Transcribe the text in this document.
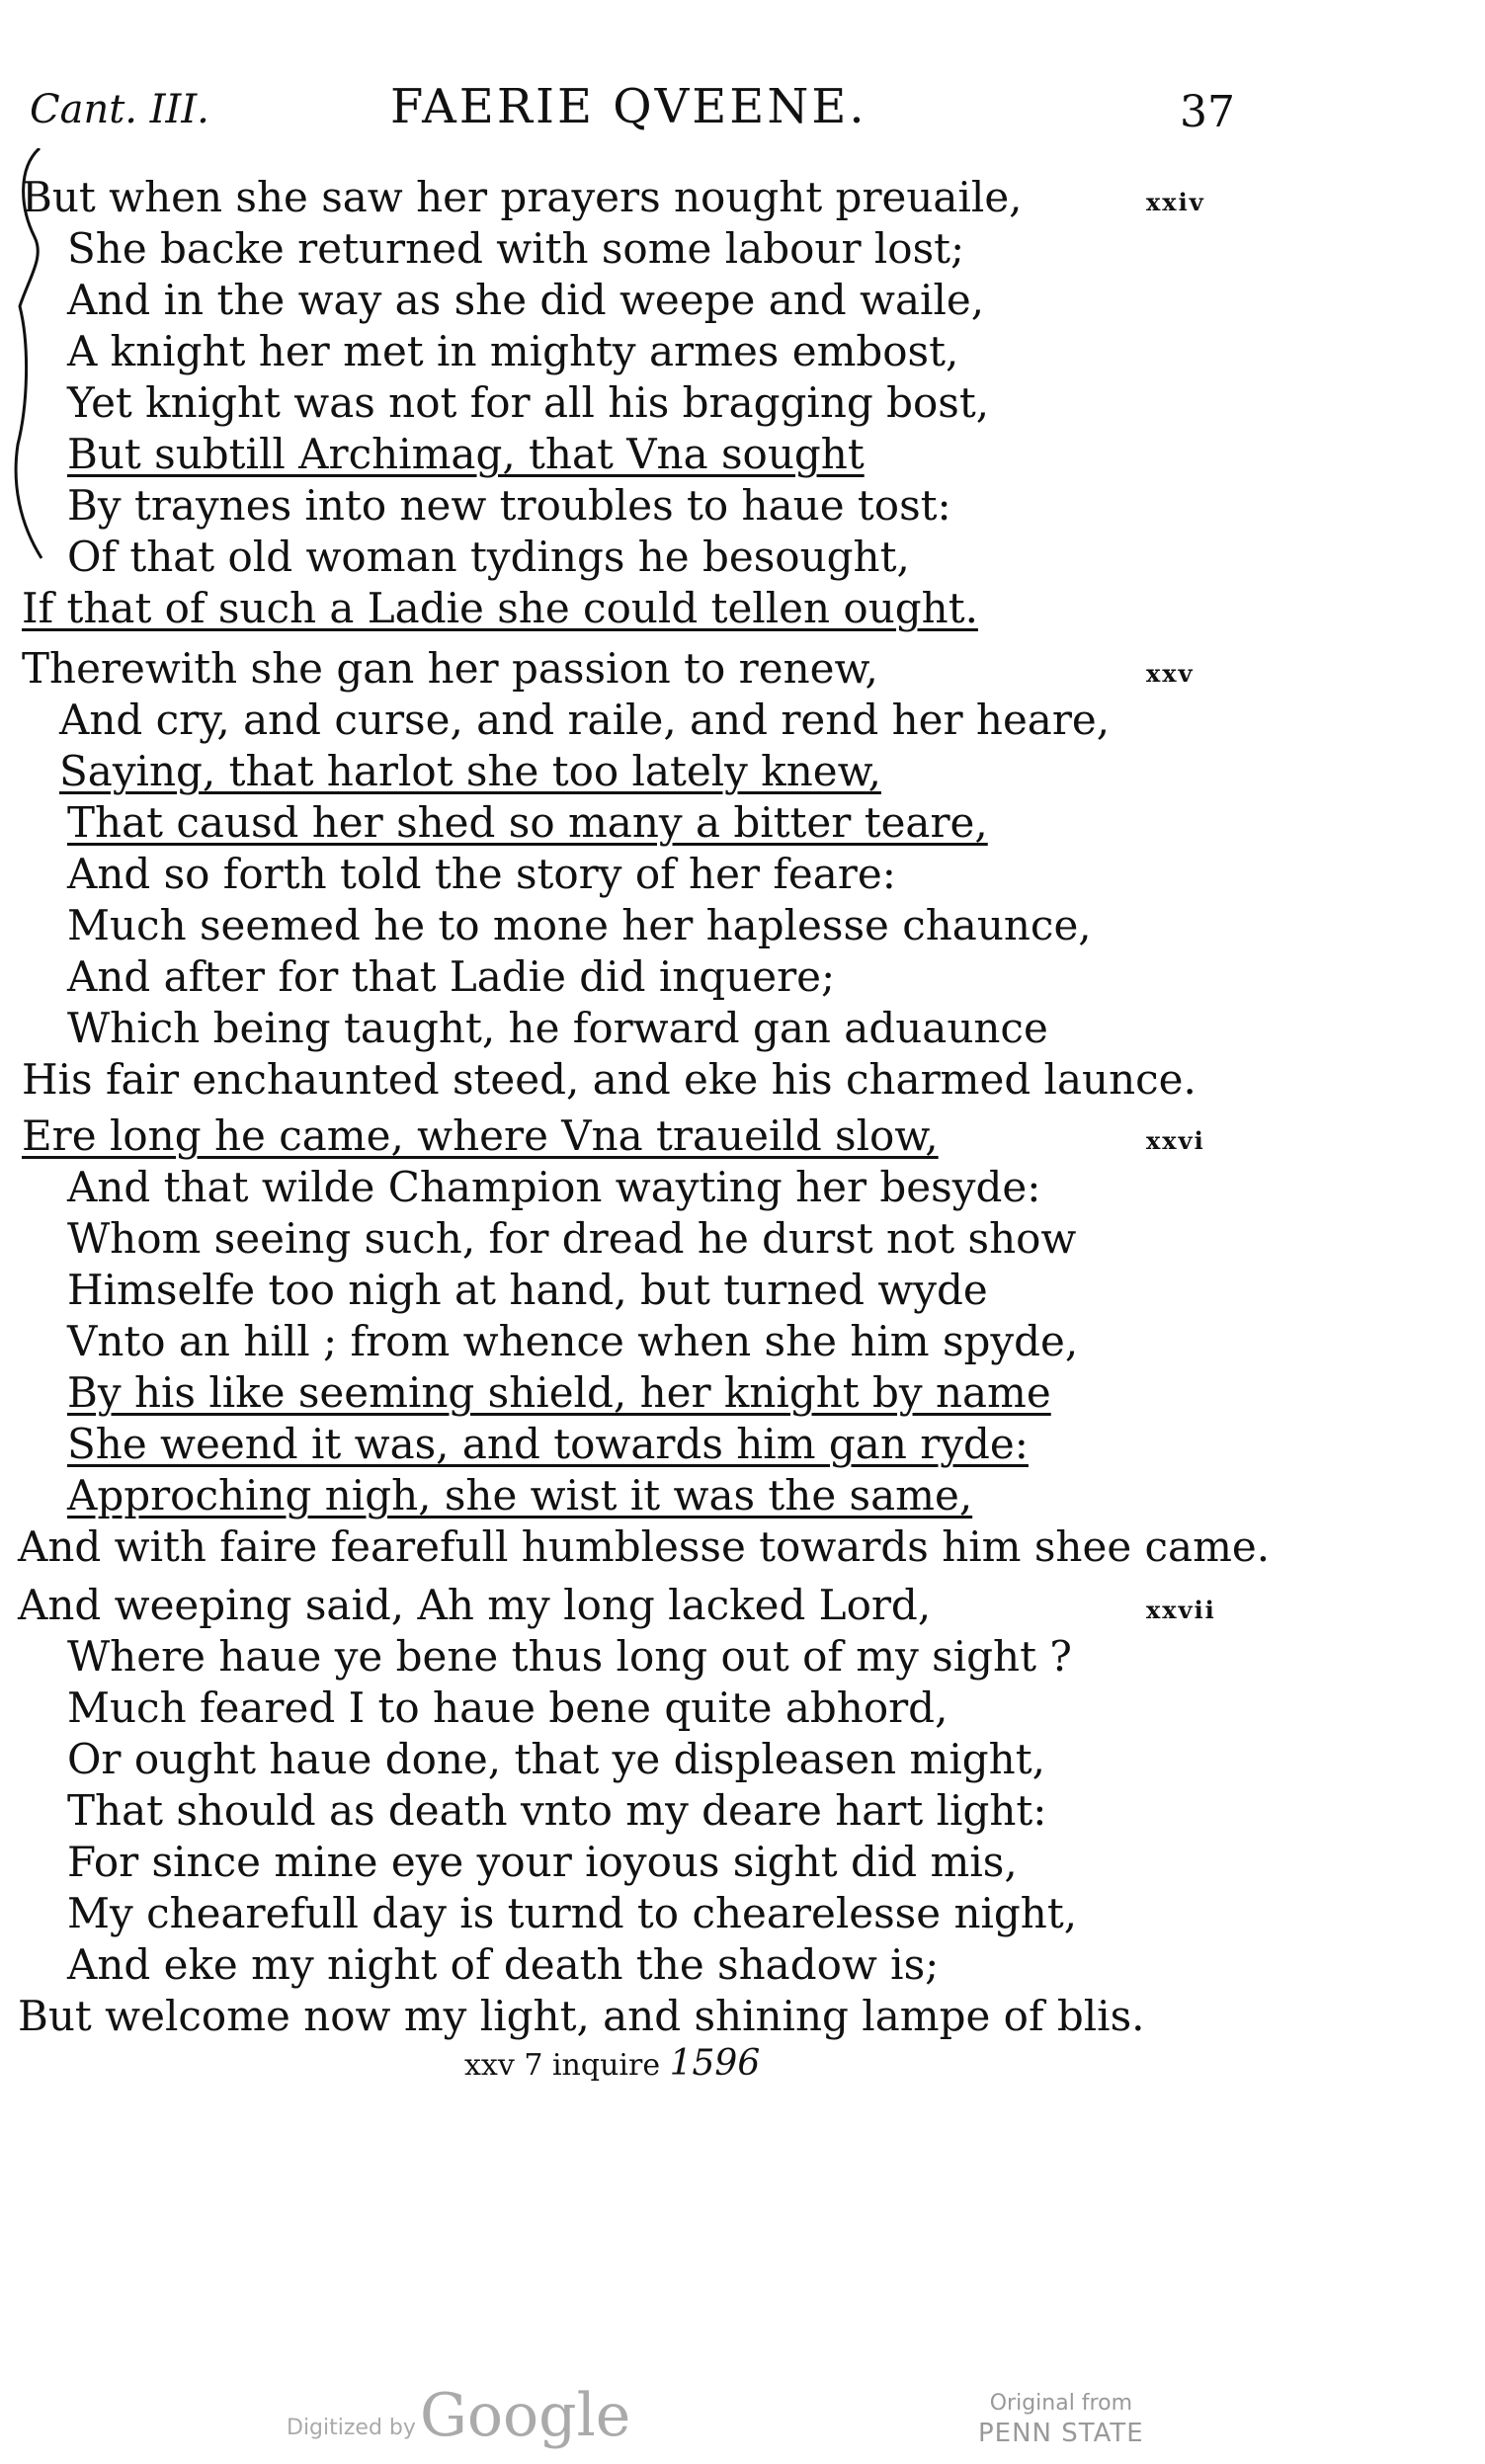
Cant. III.	FAERIE QVEENE.	37
xxiv
But when she saw her prayers nought preuaile,
She backe returned with some labour lost;
And in the way as she did weepe and waile,
A knight her met in mighty armes embost,
Yet knight was not for all his bragging bost,
But subtill Archimag, that Vna sought
By traynes into new troubles to haue tost:
Of that old woman tydings he besought,
If that of such a Ladie she could tellen ought.
xxv
Therewith she gan her passion to renew,
And cry, and curse, and raile, and rend her heare,
Saying, that harlot she too lately knew,
That causd her shed so many a bitter teare,
And so forth told the story of her feare:
Much seemed he to mone her haplesse chaunce,
And after for that Ladie did inquere;
Which being taught, he forward gan aduaunce
His fair enchaunted steed, and eke his charmed launce.
xxvi
Ere long he came, where Vna traueild slow,
And that wilde Champion wayting her besyde:
Whom seeing such, for dread he durst not show
Himselfe too nigh at hand, but turned wyde
Vnto an hill ; from whence when she him spyde,
By his like seeming shield, her knight by name
She weend it was, and towards him gan ryde:
Approching nigh, she wist it was the same,
And with faire fearefull humblesse towards him shee came.
xxvii
And weeping said, Ah my long lacked Lord,
Where haue ye bene thus long out of my sight ?
Much feared I to haue bene quite abhord,
Or ought haue done, that ye displeasen might,
That should as death vnto my deare hart light:
For since mine eye your ioyous sight did mis,
My chearefull day is turnd to chearelesse night,
And eke my night of death the shadow is;
But welcome now my light, and shining lampe of blis.
xxv 7 inquire 1596
Digitized by Google	Original from
PENN STATE
